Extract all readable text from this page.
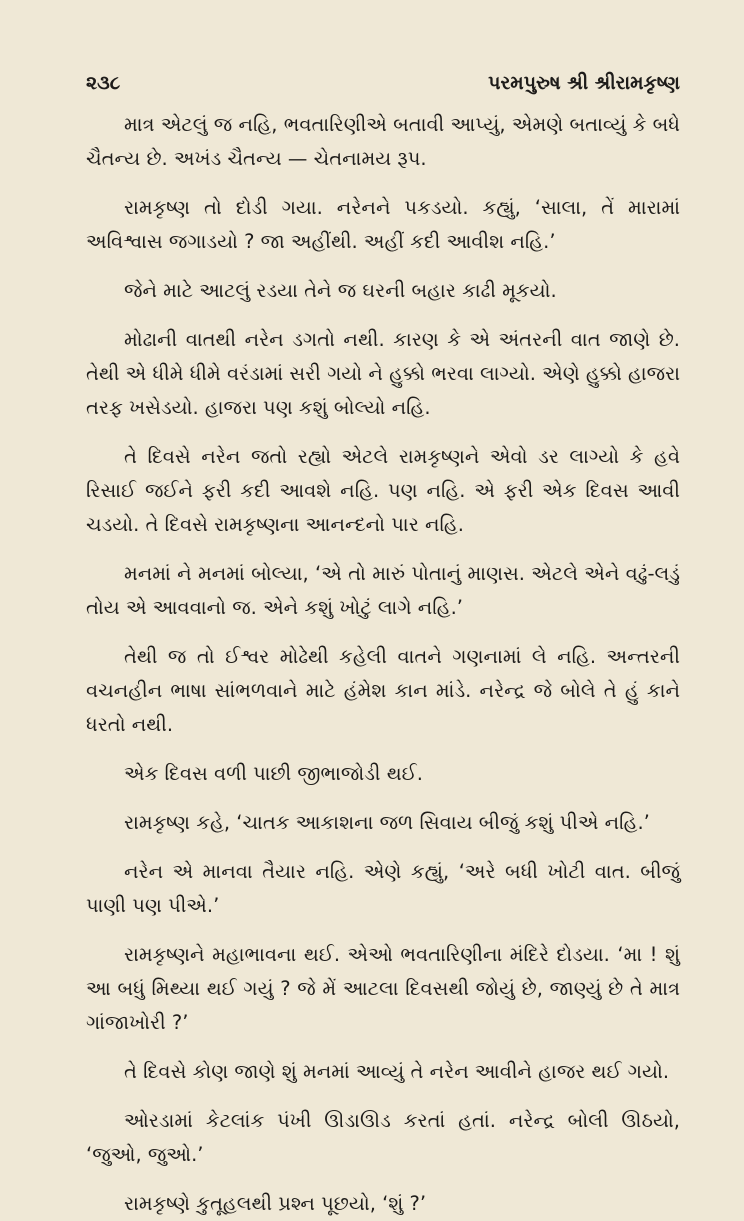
૨૩૮	પરમપુરુષ શ્રી શ્રીરામકૃષ્ણ

માત્ર એટલું જ નહિ, ભવતારિણીએ બતાવી આપ્યું, એમણે બતાવ્યું કે બધે ચૈતન્ય છે. અખંડ ચૈતન્ય — ચેતનામય રૂપ.

રામકૃષ્ણ તો દોડી ગયા. નરેનને પકડયો. કહ્યું, ‘સાલા, તેં મારામાં અવિશ્વાસ જગાડયો ? જા અહીંથી. અહીં કદી આવીશ નહિ.’

જેને માટે આટલું રડયા તેને જ ઘરની બહાર કાઢી મૂકયો.

મોઢાની વાતથી નરેન ડગતો નથી. કારણ કે એ અંતરની વાત જાણે છે. તેથી એ ધીમે ધીમે વરંડામાં સરી ગયો ને હુક્કો ભરવા લાગ્યો. એણે હુક્કો હાજરા તરફ ખસેડયો. હાજરા પણ કશું બોલ્યો નહિ.

તે દિવસે નરેન જતો રહ્યો એટલે રામકૃષ્ણને એવો ડર લાગ્યો કે હવે રિસાઈ જઈને ફરી કદી આવશે નહિ. પણ નહિ. એ ફરી એક દિવસ આવી ચડયો. તે દિવસે રામકૃષ્ણના આનન્દનો પાર નહિ.

મનમાં ને મનમાં બોલ્યા, ‘એ તો મારું પોતાનું માણસ. એટલે એને વઢું-લડું તોય એ આવવાનો જ. એને કશું ખોટું લાગે નહિ.’

તેથી જ તો ઈશ્વર મોઢેથી કહેલી વાતને ગણનામાં લે નહિ. અન્તરની વચનહીન ભાષા સાંભળવાને માટે હંમેશ કાન માંડે. નરેન્દ્ર જે બોલે તે હું કાને ધરતો નથી.

એક દિવસ વળી પાછી જીભાજોડી થઈ.

રામકૃષ્ણ કહે, ‘ચાતક આકાશના જળ સિવાય બીજું કશું પીએ નહિ.’

નરેન એ માનવા તૈયાર નહિ. એણે કહ્યું, ‘અરે બધી ખોટી વાત. બીજું પાણી પણ પીએ.’

રામકૃષ્ણને મહાભાવના થઈ. એઓ ભવતારિણીના મંદિરે દોડયા. ‘મા ! શું આ બધું મિથ્યા થઈ ગયું ? જે મેં આટલા દિવસથી જોયું છે, જાણ્યું છે તે માત્ર ગાંજાખોરી ?’

તે દિવસે કોણ જાણે શું મનમાં આવ્યું તે નરેન આવીને હાજર થઈ ગયો.

ઓરડામાં કેટલાંક પંખી ઊડાઊડ કરતાં હતાં. નરેન્દ્ર બોલી ઊઠયો, ‘જુઓ, જુઓ.’

રામકૃષ્ણે કુતૂહલથી પ્રશ્ન પૂછયો, ‘શું ?’
